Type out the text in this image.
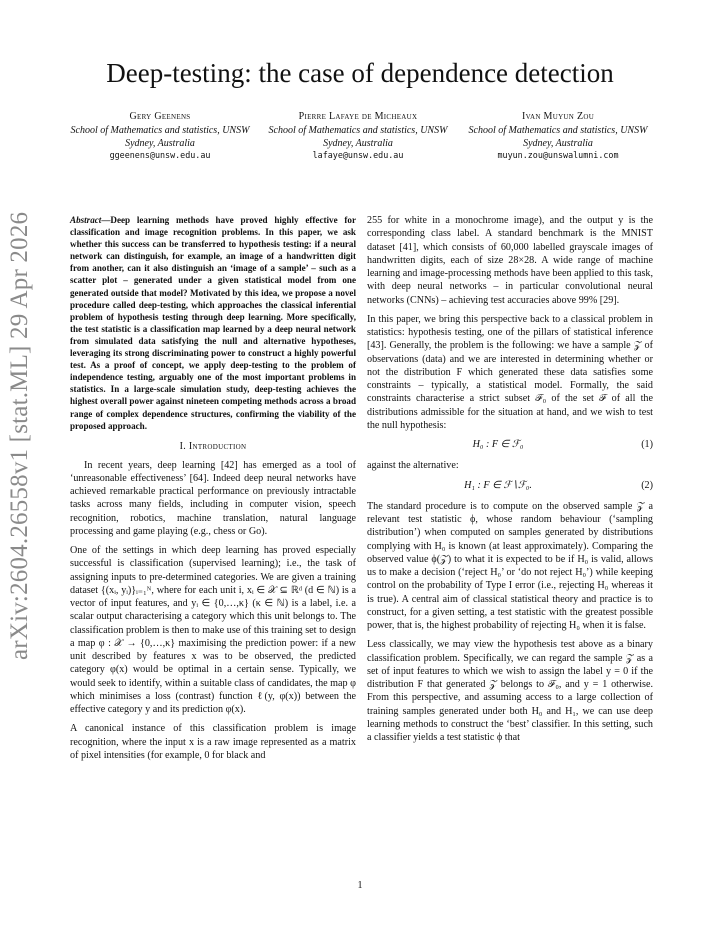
arXiv:2604.26558v1 [stat.ML] 29 Apr 2026
Deep-testing: the case of dependence detection
Gery Geenens
School of Mathematics and statistics, UNSW Sydney, Australia
ggeenens@unsw.edu.au
Pierre Lafaye de Micheaux
School of Mathematics and statistics, UNSW Sydney, Australia
lafaye@unsw.edu.au
Ivan Muyun Zou
School of Mathematics and statistics, UNSW Sydney, Australia
muyun.zou@unswalumni.com

Abstract—Deep learning methods have proved highly effective for classification and image recognition problems. In this paper, we ask whether this success can be transferred to hypothesis testing: if a neural network can distinguish, for example, an image of a handwritten digit from another, can it also distinguish an ‘image of a sample’ – such as a scatter plot – generated under a given statistical model from one generated outside that model? Motivated by this idea, we propose a novel procedure called deep-testing, which approaches the classical inferential problem of hypothesis testing through deep learning. More specifically, the test statistic is a classification map learned by a deep neural network from simulated data satisfying the null and alternative hypotheses, leveraging its strong discriminating power to construct a highly powerful test. As a proof of concept, we apply deep-testing to the problem of independence testing, arguably one of the most important problems in statistics. In a large-scale simulation study, deep-testing achieves the highest overall power against nineteen competing methods across a broad range of complex dependence structures, confirming the viability of the proposed approach.

I. Introduction

In recent years, deep learning [42] has emerged as a tool of ‘unreasonable effectiveness’ [64]. Indeed deep neural networks have achieved remarkable practical performance on previously intractable tasks across many fields, including in computer vision, speech recognition, robotics, machine translation, natural language processing and game playing (e.g., chess or Go).

One of the settings in which deep learning has proved especially successful is classification (supervised learning); i.e., the task of assigning inputs to pre-determined categories. We are given a training dataset {(xᵢ, yᵢ)}ᵢ₌₁ᴺ, where for each unit i, xᵢ ∈ 𝒳 ⊆ ℝᵈ (d ∈ ℕ) is a vector of input features, and yᵢ ∈ {0,…,κ} (κ ∈ ℕ) is a label, i.e. a scalar output characterising a category which this unit belongs to. The classification problem is then to make use of this training set to design a map φ : 𝒳 → {0,…,κ} maximising the prediction power: if a new unit described by features x was to be observed, the predicted category φ(x) would be optimal in a certain sense. Typically, we would seek to identify, within a suitable class of candidates, the map φ which minimises a loss (contrast) function ℓ(y, φ(x)) between the effective category y and its prediction φ(x).

A canonical instance of this classification problem is image recognition, where the input x is a raw image represented as a matrix of pixel intensities (for example, 0 for black and

255 for white in a monochrome image), and the output y is the corresponding class label. A standard benchmark is the MNIST dataset [41], which consists of 60,000 labelled grayscale images of handwritten digits, each of size 28×28. A wide range of machine learning and image-processing methods have been applied to this task, with deep neural networks – in particular convolutional neural networks (CNNs) – achieving test accuracies above 99% [29].

In this paper, we bring this perspective back to a classical problem in statistics: hypothesis testing, one of the pillars of statistical inference [43]. Generally, the problem is the following: we have a sample 𝒵 of observations (data) and we are interested in determining whether or not the distribution F which generated these data satisfies some constraints – typically, a statistical model. Formally, the said constraints characterise a strict subset ℱ₀ of the set ℱ of all the distributions admissible for the situation at hand, and we wish to test the null hypothesis:

H₀ : F ∈ ℱ₀	(1)

against the alternative:

H₁ : F ∈ ℱ∖ℱ₀.	(2)

The standard procedure is to compute on the observed sample 𝒵 a relevant test statistic ϕ, whose random behaviour (‘sampling distribution’) when computed on samples generated by distributions complying with H₀ is known (at least approximately). Comparing the observed value ϕ(𝒵) to what it is expected to be if H₀ is valid, allows us to make a decision (‘reject H₀’ or ‘do not reject H₀’) while keeping control on the probability of Type I error (i.e., rejecting H₀ whereas it is true). A central aim of classical statistical theory and practice is to construct, for a given setting, a test statistic with the greatest possible power, that is, the highest probability of rejecting H₀ when it is false.

Less classically, we may view the hypothesis test above as a binary classification problem. Specifically, we can regard the sample 𝒵 as a set of input features to which we wish to assign the label y = 0 if the distribution F that generated 𝒵 belongs to ℱ₀, and y = 1 otherwise. From this perspective, and assuming access to a large collection of training samples generated under both H₀ and H₁, we can use deep learning methods to construct the ‘best’ classifier. In this setting, such a classifier yields a test statistic ϕ that

1
